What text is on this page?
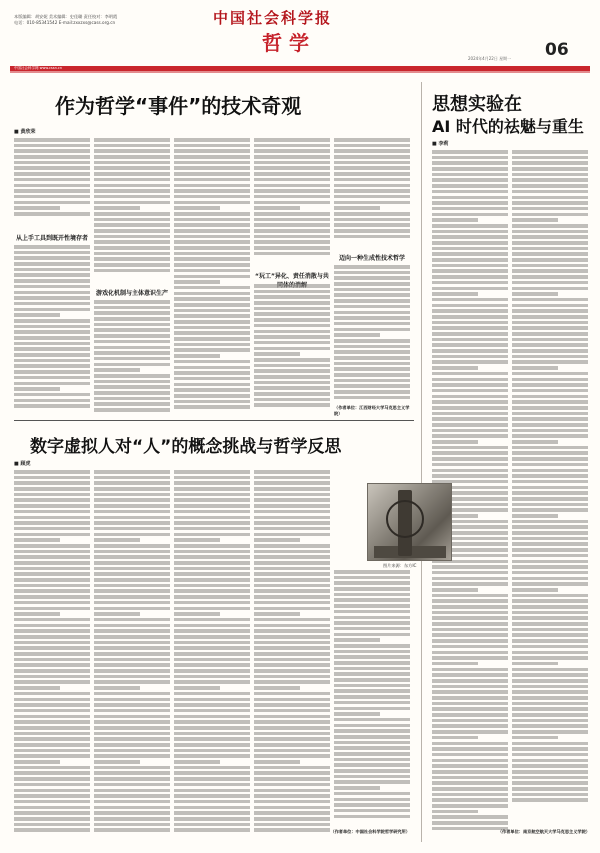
本版编辑：胡安妮 美术编辑：史佳璐 责任校对：李明霞
电话：010-85341542 E-mail:zxxzxs@cass.org.cn	中国社会科学报
哲学	06
2024年4月22日 星期一
中国社会科学网 www.cssn.cn
作为哲学“事件”的技术奇观
■ 黄欣荣
从上手工具到既开性境存者
游戏化机制与主体意识生产
“玩工”异化、责任消散与共
迈向一种生成性技术哲学
（作者单位：江西财经大学马克思主义学院）
思想实验在
AI 时代的祛魅与重生
■ 李莉
（作者单位：南京航空航天大学马克思主义学院）
数字虚拟人对“人”的概念挑战与哲学反思
■ 顾虎
图片来源：东方IC
（作者单位：中国社会科学院哲学研究所）
